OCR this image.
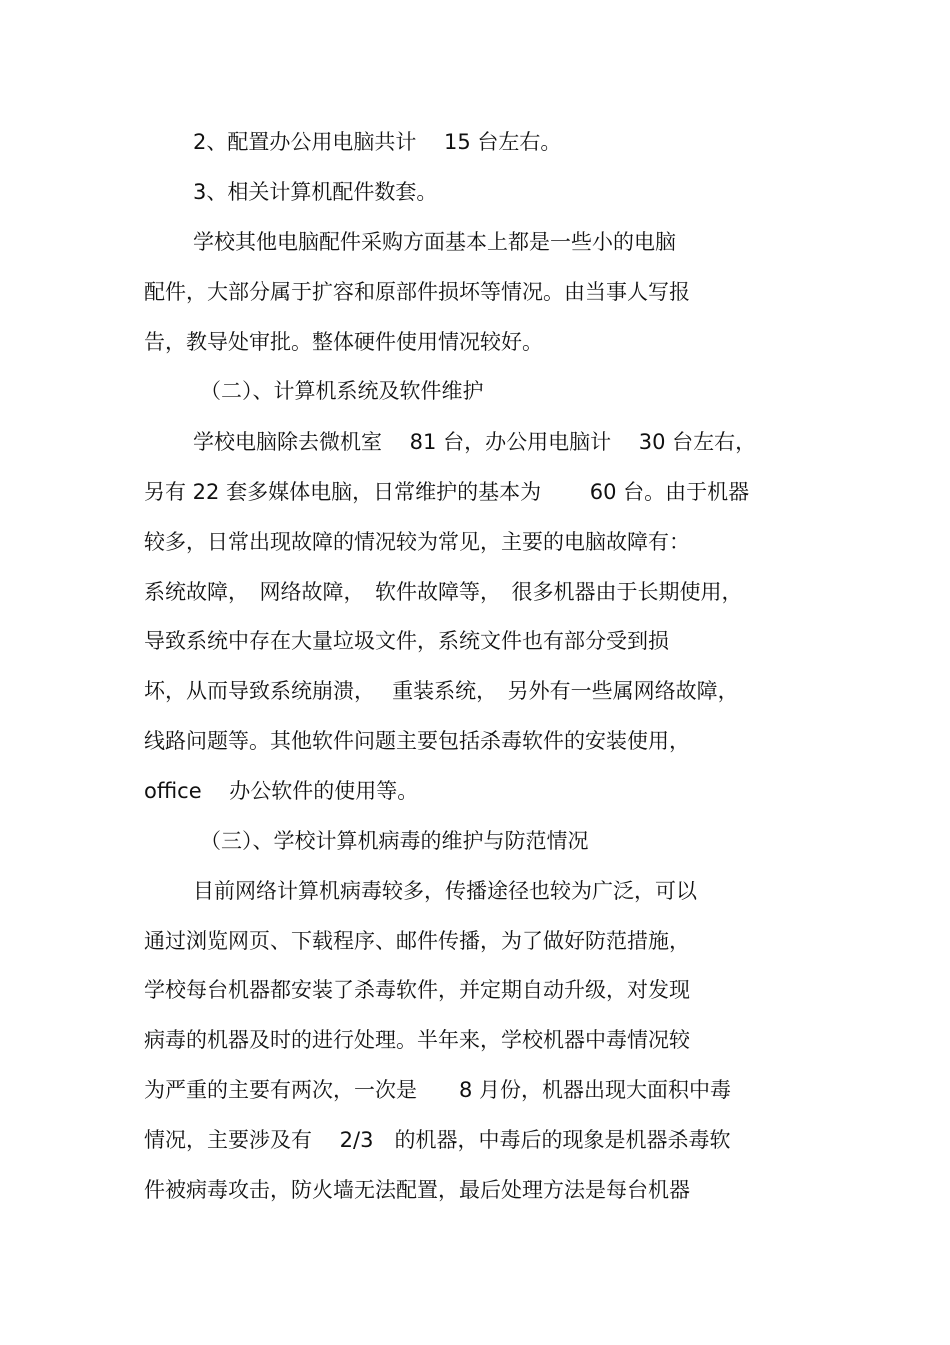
2、配置办公用电脑共计　 15 台左右。
3、相关计算机配件数套。
学校其他电脑配件采购方面基本上都是一些小的电脑
配件，大部分属于扩容和原部件损坏等情况。由当事人写报
告，教导处审批。整体硬件使用情况较好。
（二）、计算机系统及软件维护
学校电脑除去微机室　 81 台，办公用电脑计　 30 台左右，
另有 22 套多媒体电脑，日常维护的基本为　　 60 台。由于机器
较多，日常出现故障的情况较为常见，主要的电脑故障有：
系统故障，　网络故障，　软件故障等，　很多机器由于长期使用，
导致系统中存在大量垃圾文件，系统文件也有部分受到损
坏，从而导致系统崩溃，　 重装系统，　另外有一些属网络故障，
线路问题等。其他软件问题主要包括杀毒软件的安装使用，
office　 办公软件的使用等。
（三）、学校计算机病毒的维护与防范情况
目前网络计算机病毒较多，传播途径也较为广泛，可以
通过浏览网页、下载程序、邮件传播，为了做好防范措施，
学校每台机器都安装了杀毒软件，并定期自动升级，对发现
病毒的机器及时的进行处理。半年来，学校机器中毒情况较
为严重的主要有两次，一次是　　8 月份，机器出现大面积中毒
情况，主要涉及有　 2/3　的机器，中毒后的现象是机器杀毒软
件被病毒攻击，防火墙无法配置，最后处理方法是每台机器
